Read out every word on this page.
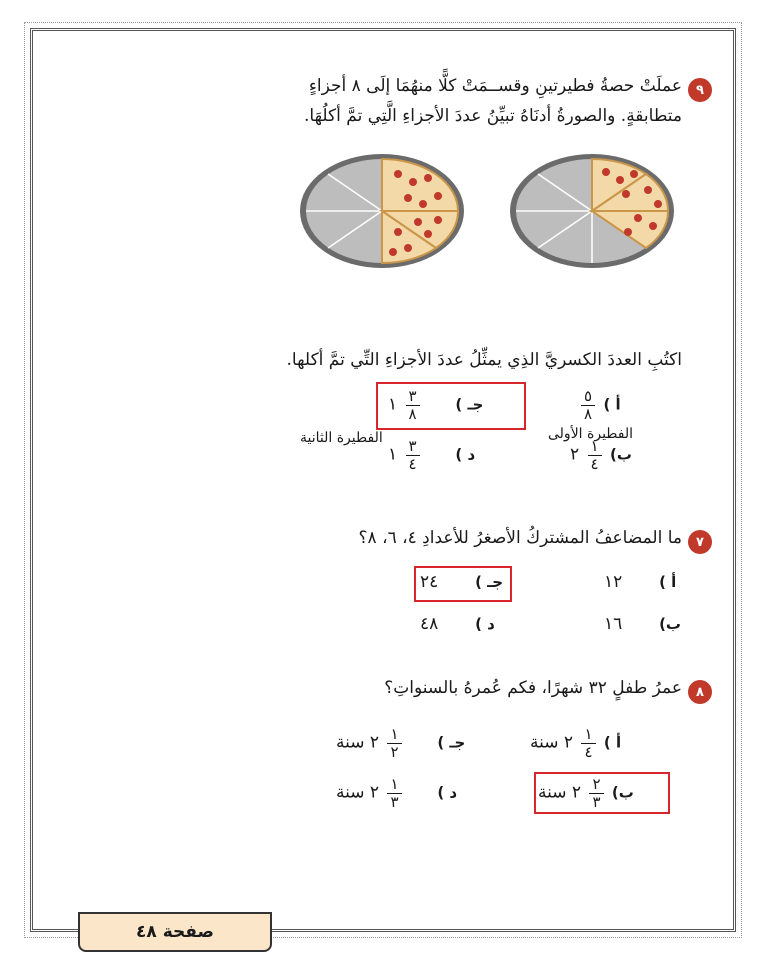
٩
عملَتْ حصةُ فطيرتينِ وقســمَتْ كلًّا منهُمَا إلَى ٨ أجزاءٍ
متطابقةٍ. والصورةُ أدنَاهُ تبيِّنُ عددَ الأجزاءِ الَّتِي تمَّ أكلُهَا.
اكتُبِ العددَ الكسريَّ الذِي يمثِّلُ عددَ الأجزاءِ التِّي تمَّ أكلها.
أ )
$\frac{٥}{٨}$
جـ )
$\frac{٣}{٨}$
١
ب)
$\frac{١}{٤}$
٢
الفطيرة الأولى
د )
$\frac{٣}{٤}$
١
الفطيرة الثانية
٧
ما المضاعفُ المشتركُ الأصغرُ للأعدادِ ٤، ٦، ٨؟
أ )  ١٢
جـ )  ٢٤
ب)  ١٦
د )  ٤٨
٨
عمرُ طفلٍ ٣٢ شهرًا، فكم عُمرهُ بالسنواتِ؟
أ )
$\frac{١}{٤}$
٢ سنة
جـ )
$\frac{١}{٢}$
٢ سنة
ب)
$\frac{٢}{٣}$
٢ سنة
د )
$\frac{١}{٣}$
٢ سنة
صفحة ٤٨
